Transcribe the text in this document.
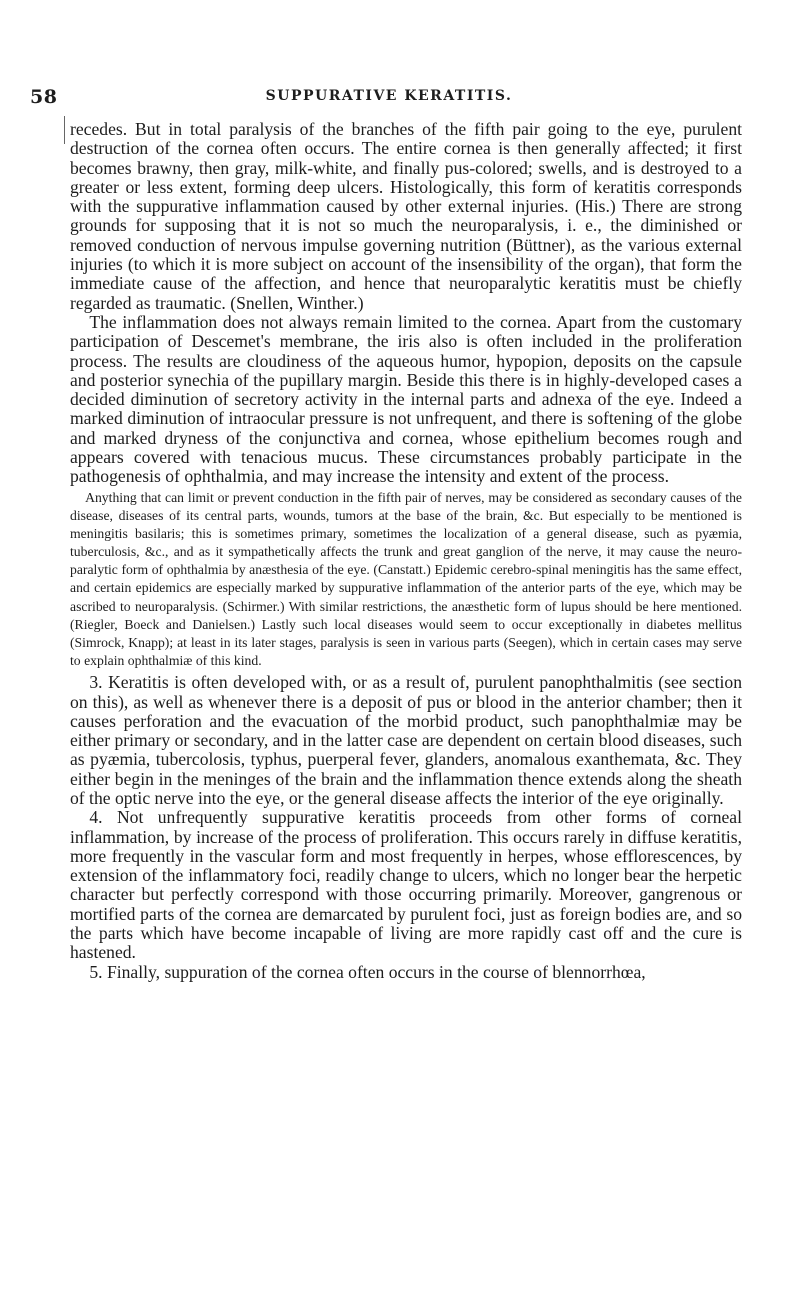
58	SUPPURATIVE KERATITIS.

recedes. But in total paralysis of the branches of the fifth pair going to the eye, purulent destruction of the cornea often occurs. The entire cornea is then generally affected; it first becomes brawny, then gray, milk-white, and finally pus-colored; swells, and is destroyed to a greater or less extent, forming deep ulcers. Histologically, this form of keratitis corresponds with the suppurative inflammation caused by other external injuries. (His.) There are strong grounds for supposing that it is not so much the neuroparalysis, i. e., the diminished or removed conduction of nervous impulse governing nutrition (Büttner), as the various external injuries (to which it is more subject on account of the insensibility of the organ), that form the immediate cause of the affection, and hence that neuroparalytic keratitis must be chiefly regarded as traumatic. (Snellen, Winther.)

The inflammation does not always remain limited to the cornea. Apart from the customary participation of Descemet's membrane, the iris also is often included in the proliferation process. The results are cloudiness of the aqueous humor, hypopion, deposits on the capsule and posterior synechia of the pupillary margin. Beside this there is in highly-developed cases a decided diminution of secretory activity in the internal parts and adnexa of the eye. Indeed a marked diminution of intraocular pressure is not unfrequent, and there is softening of the globe and marked dryness of the conjunctiva and cornea, whose epithelium becomes rough and appears covered with tenacious mucus. These circumstances probably participate in the pathogenesis of ophthalmia, and may increase the intensity and extent of the process.

Anything that can limit or prevent conduction in the fifth pair of nerves, may be considered as secondary causes of the disease, diseases of its central parts, wounds, tumors at the base of the brain, &c. But especially to be mentioned is meningitis basilaris; this is sometimes primary, sometimes the localization of a general disease, such as pyæmia, tuberculosis, &c., and as it sympathetically affects the trunk and great ganglion of the nerve, it may cause the neuro-paralytic form of ophthalmia by anæsthesia of the eye. (Canstatt.) Epidemic cerebro-spinal meningitis has the same effect, and certain epidemics are especially marked by suppurative inflammation of the anterior parts of the eye, which may be ascribed to neuroparalysis. (Schirmer.) With similar restrictions, the anæsthetic form of lupus should be here mentioned. (Riegler, Boeck and Danielsen.) Lastly such local diseases would seem to occur exceptionally in diabetes mellitus (Simrock, Knapp); at least in its later stages, paralysis is seen in various parts (Seegen), which in certain cases may serve to explain ophthalmiæ of this kind.

3. Keratitis is often developed with, or as a result of, purulent panophthalmitis (see section on this), as well as whenever there is a deposit of pus or blood in the anterior chamber; then it causes perforation and the evacuation of the morbid product, such panophthalmiæ may be either primary or secondary, and in the latter case are dependent on certain blood diseases, such as pyæmia, tubercolosis, typhus, puerperal fever, glanders, anomalous exanthemata, &c. They either begin in the meninges of the brain and the inflammation thence extends along the sheath of the optic nerve into the eye, or the general disease affects the interior of the eye originally.

4. Not unfrequently suppurative keratitis proceeds from other forms of corneal inflammation, by increase of the process of proliferation. This occurs rarely in diffuse keratitis, more frequently in the vascular form and most frequently in herpes, whose efflorescences, by extension of the inflammatory foci, readily change to ulcers, which no longer bear the herpetic character but perfectly correspond with those occurring primarily. Moreover, gangrenous or mortified parts of the cornea are demarcated by purulent foci, just as foreign bodies are, and so the parts which have become incapable of living are more rapidly cast off and the cure is hastened.

5. Finally, suppuration of the cornea often occurs in the course of blennorrhœa,
